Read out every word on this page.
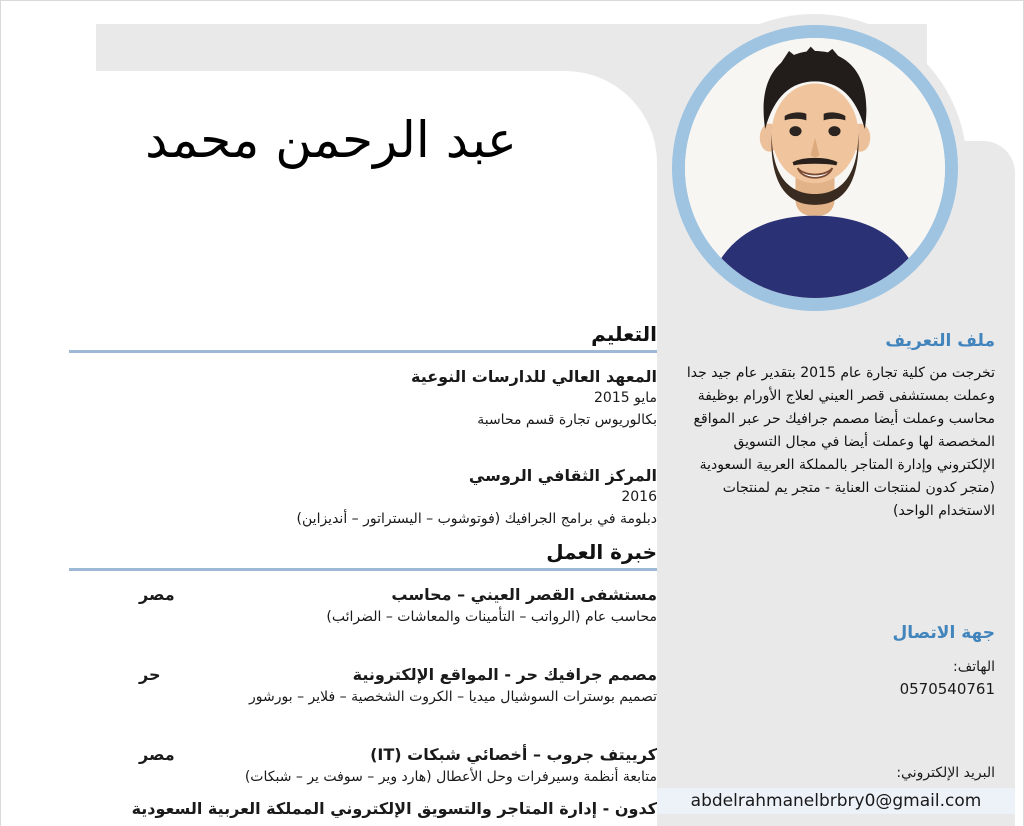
عبد الرحمن محمد
التعليم
المعهد العالي للدارسات النوعية
مايو 2015
بكالوريوس تجارة قسم محاسبة
المركز الثقافي الروسي
2016
دبلومة في برامج الجرافيك (فوتوشوب – اليستراتور – أنديزاين)
خبرة العمل
مستشفى القصر العيني – محاسب
مصر
محاسب عام (الرواتب – التأمينات والمعاشات – الضرائب)
مصمم جرافيك حر - المواقع الإلكترونية
حر
تصميم بوسترات السوشيال ميديا – الكروت الشخصية – فلاير – بورشور
كرييتف جروب – أخصائي شبكات (IT)
مصر
متابعة أنظمة وسيرفرات وحل الأعطال (هارد وير – سوفت ير – شبكات)
كدون - إدارة المتاجر والتسويق الإلكتروني المملكة العربية السعودية
ملف التعريف
تخرجت من كلية تجارة عام 2015 بتقدير عام جيد جدا وعملت بمستشفى قصر العيني لعلاج الأورام بوظيفة محاسب وعملت أيضا مصمم جرافيك حر عبر المواقع المخصصة لها وعملت أيضا في مجال التسويق الإلكتروني وإدارة المتاجر بالمملكة العربية السعودية (متجر كدون لمنتجات العناية - متجر يم لمنتجات الاستخدام الواحد)
جهة الاتصال
الهاتف:
0570540761
البريد الإلكتروني:
abdelrahmanelbrbry0@gmail.com
